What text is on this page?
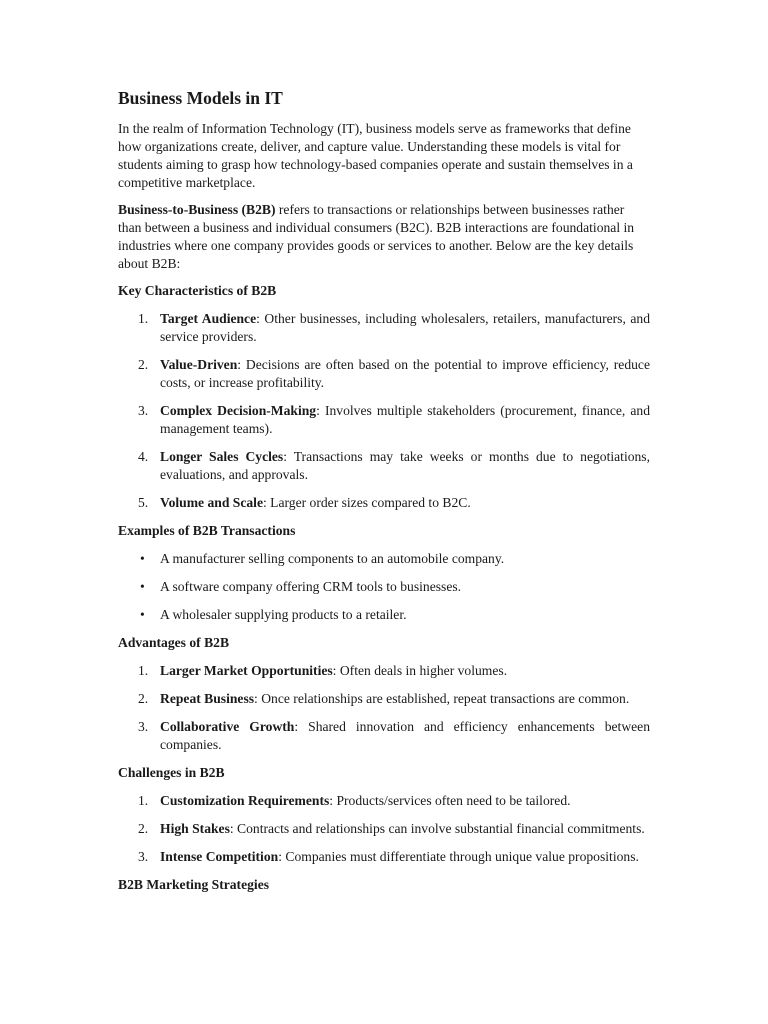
Business Models in IT

In the realm of Information Technology (IT), business models serve as frameworks that define how organizations create, deliver, and capture value. Understanding these models is vital for students aiming to grasp how technology-based companies operate and sustain themselves in a competitive marketplace.

Business-to-Business (B2B) refers to transactions or relationships between businesses rather than between a business and individual consumers (B2C). B2B interactions are foundational in industries where one company provides goods or services to another. Below are the key details about B2B:

Key Characteristics of B2B
1. Target Audience: Other businesses, including wholesalers, retailers, manufacturers, and service providers.
2. Value-Driven: Decisions are often based on the potential to improve efficiency, reduce costs, or increase profitability.
3. Complex Decision-Making: Involves multiple stakeholders (procurement, finance, and management teams).
4. Longer Sales Cycles: Transactions may take weeks or months due to negotiations, evaluations, and approvals.
5. Volume and Scale: Larger order sizes compared to B2C.
Examples of B2B Transactions
• A manufacturer selling components to an automobile company.
• A software company offering CRM tools to businesses.
• A wholesaler supplying products to a retailer.
Advantages of B2B
1. Larger Market Opportunities: Often deals in higher volumes.
2. Repeat Business: Once relationships are established, repeat transactions are common.
3. Collaborative Growth: Shared innovation and efficiency enhancements between companies.
Challenges in B2B
1. Customization Requirements: Products/services often need to be tailored.
2. High Stakes: Contracts and relationships can involve substantial financial commitments.
3. Intense Competition: Companies must differentiate through unique value propositions.
B2B Marketing Strategies
